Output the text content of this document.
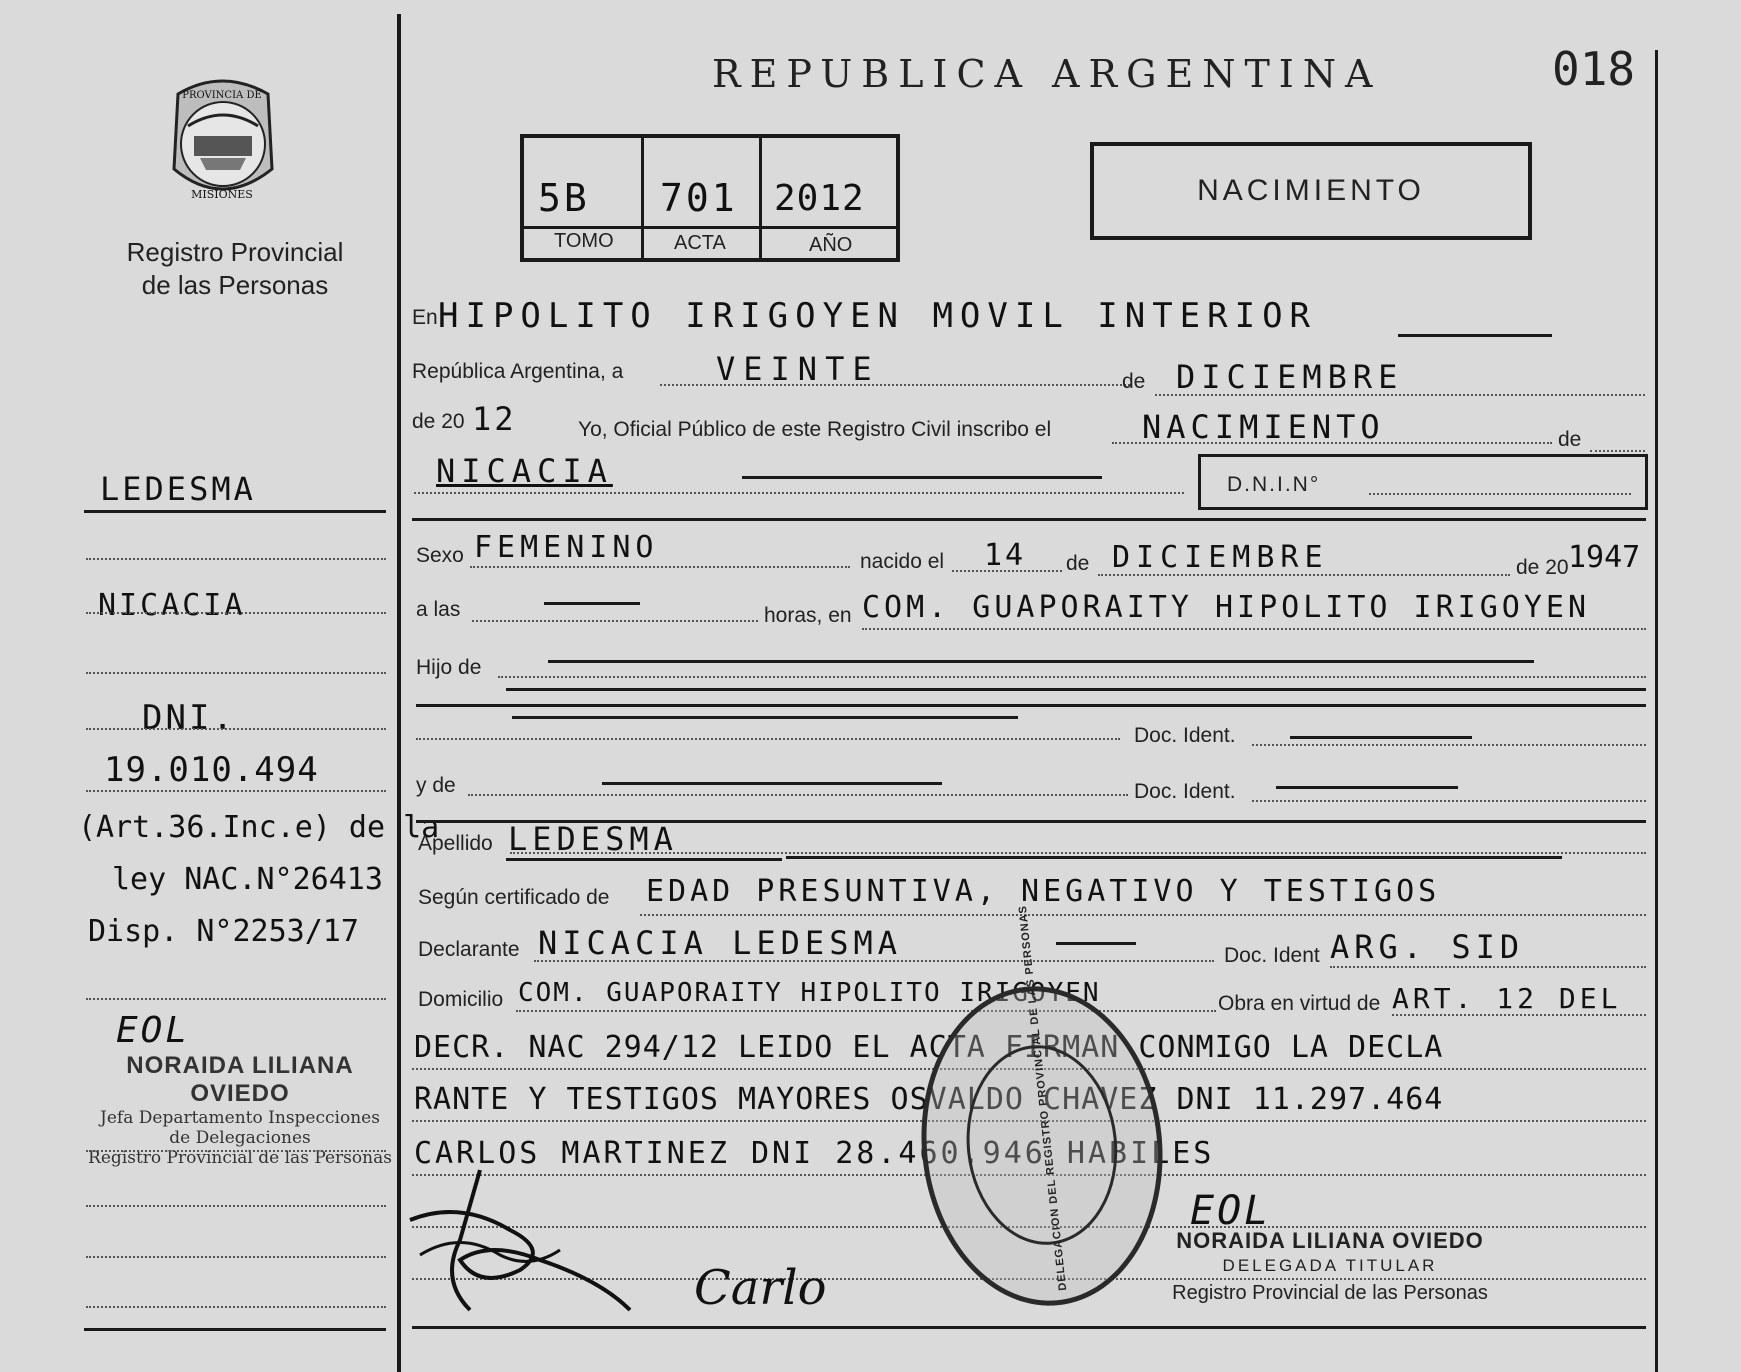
PROVINCIA DE
MISIONES
Registro Provincial
de las Personas
LEDESMA
NICACIA
DNI.
19.010.494
(Art.36.Inc.e) de la
ley NAC.N°26413
Disp. N°2253/17
EOL
NORAIDA LILIANA OVIEDO
Jefa Departamento Inspecciones
de Delegaciones
Registro Provincial de las Personas
REPUBLICA ARGENTINA	018
5B 701 2012
TOMO	ACTA	AÑO
NACIMIENTO
En HIPOLITO IRIGOYEN MOVIL INTERIOR
República Argentina, a	VEINTE	de DICIEMBRE
de 20 12	Yo, Oficial Público de este Registro Civil inscribo el	NACIMIENTO	de
NICACIA	D.N.I.N°
Sexo FEMENINO	nacido el 14 de DICIEMBRE	de 20 1947
a las	horas, en COM. GUAPORAITY HIPOLITO IRIGOYEN
Hijo de
Doc. Ident.
y de	Doc. Ident.
Apellido LEDESMA
Según certificado de EDAD PRESUNTIVA, NEGATIVO Y TESTIGOS
Declarante NICACIA LEDESMA	Doc. Ident ARG. SID
Domicilio COM. GUAPORAITY HIPOLITO IRIGOYEN	Obra en virtud de ART. 12 DEL
DECR. NAC 294/12 LEIDO EL ACTA FIRMAN CONMIGO LA DECLA
RANTE Y TESTIGOS MAYORES OSVALDO CHAVEZ DNI 11.297.464
CARLOS MARTINEZ DNI 28.460.946 HABILES
Carlo	DELEGACION DEL REGISTRO PROVINCIAL DE LAS PERSONAS	EOL
NORAIDA LILIANA OVIEDO
DELEGADA TITULAR
Registro Provincial de las Personas
